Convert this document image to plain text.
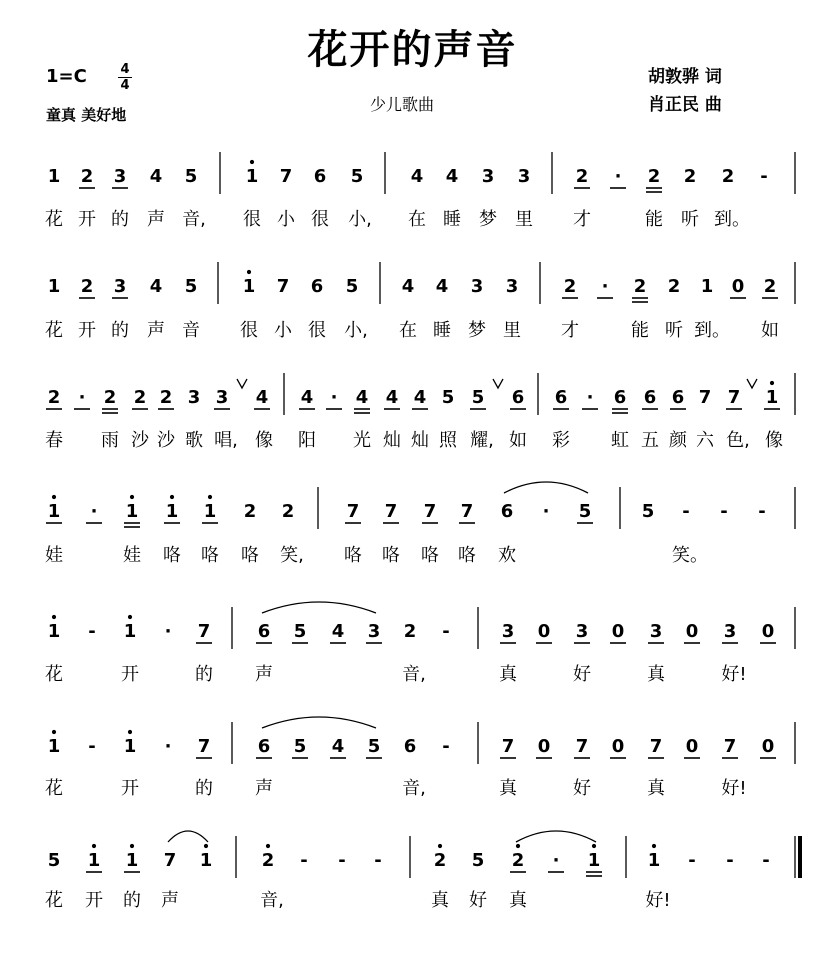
花开的声音
少儿歌曲
1=C	4
4
童真 美好地
胡敦骅 词
肖正民 曲
1 2 3 4 5	1 7 6 5	4 4 3 3	2 · 2 2 2 -
花 开 的 声 音, 很 小 很 小, 在 睡 梦 里 才	能 听 到。
1 2 3 4 5	1 7 6 5 4 4 3 3	2 · 2 2 1 0 2
花 开 的 声 音 很 小 很 小, 在 睡 梦 里 才	能 听 到。 如
2 · 2 2 2 3 3 4 4 · 4 4 4 5 5 6 6 · 6 6 6 7 7 1
春 雨 沙 沙 歌 唱, 像 阳 光 灿 灿 照 耀, 如 彩 虹 五 颜 六 色, 像
1 · 1 1 1 2 2	7 7 7 7 6 · 5	5 - - -
娃	娃 咯 咯 咯 笑, 咯 咯 咯 咯 欢	笑。
1 - 1 · 7	6 5 4 3 2 -	3 0 3 0 3 0 3 0
花	开	的 声	音,	真	好	真	好!
1 - 1 · 7	6 5 4 5 6 -	7 0 7 0 7 0 7 0
花	开	的 声	音,	真	好	真	好!
5 1 1 7 1	2 - - -	2 5 2 · 1	1 - - -
花 开 的 声	音,	真 好 真	好!
